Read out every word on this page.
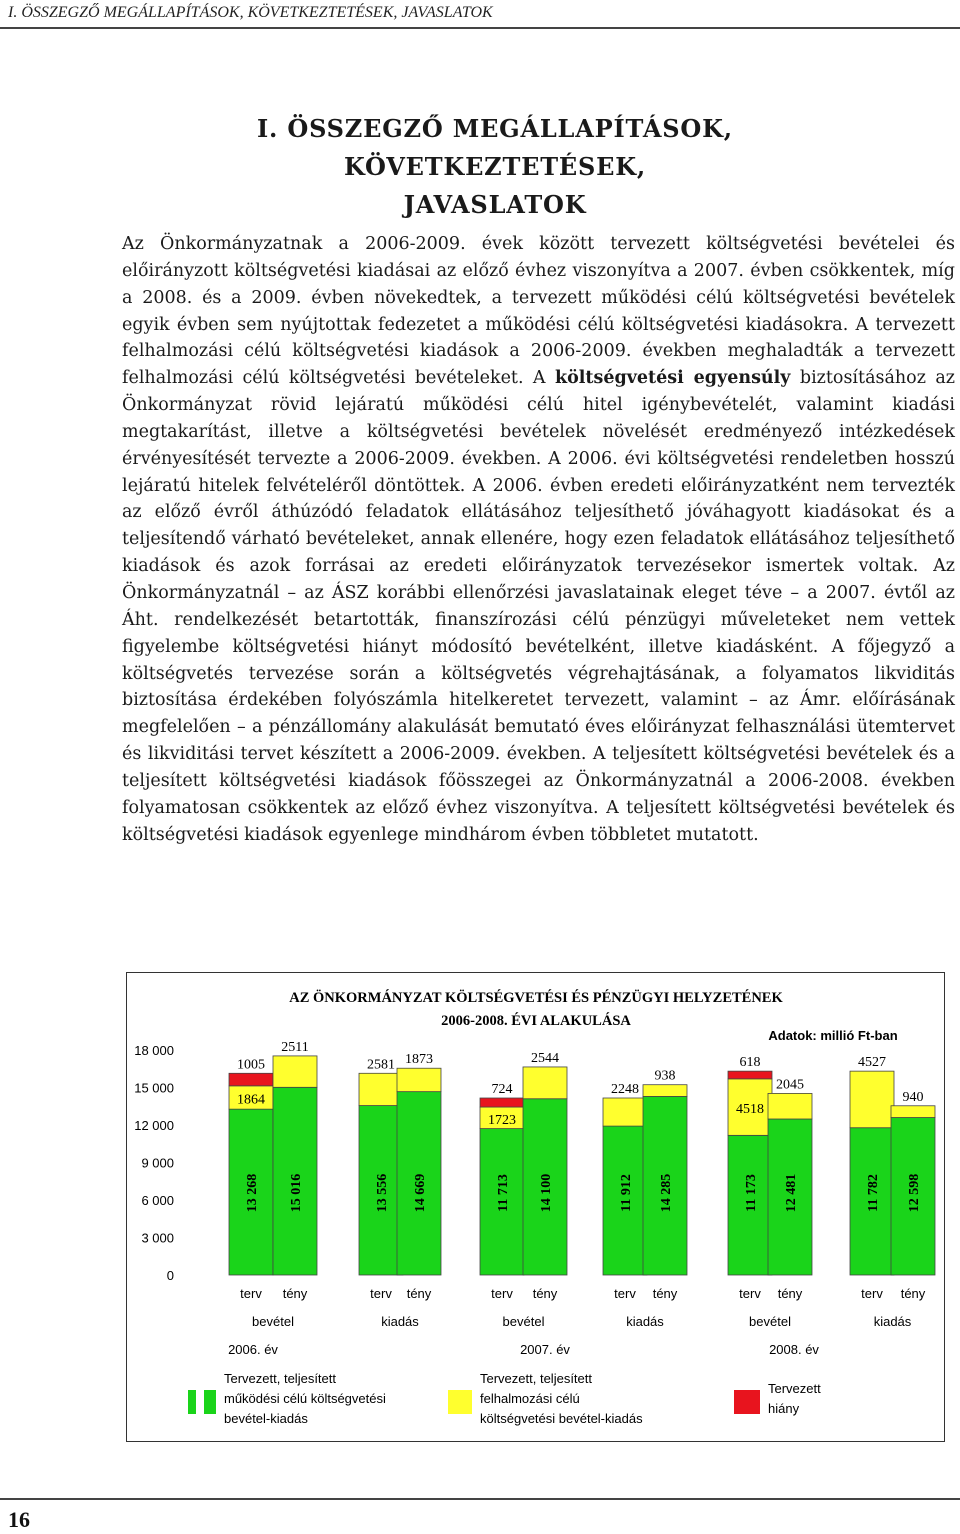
I. ÖSSZEGZŐ MEGÁLLAPÍTÁSOK, KÖVETKEZTETÉSEK, JAVASLATOK
I. ÖSSZEGZŐ MEGÁLLAPÍTÁSOK, KÖVETKEZTETÉSEK,
JAVASLATOK
Az Önkormányzatnak a 2006-2009. évek között tervezett költségvetési bevételei és előirányzott költségvetési kiadásai az előző évhez viszonyítva a 2007. évben csökkentek, míg a 2008. és a 2009. évben növekedtek, a tervezett működési célú költségvetési bevételek egyik évben sem nyújtottak fedezetet a működési célú költségvetési kiadásokra. A tervezett felhalmozási célú költségvetési kiadások a 2006-2009. években meghaladták a tervezett felhalmozási célú költségvetési bevételeket. A költségvetési egyensúly biztosításához az Önkormányzat rövid lejáratú működési célú hitel igénybevételét, valamint kiadási megtakarítást, illetve a költségvetési bevételek növelését eredményező intézkedések érvényesítését tervezte a 2006-2009. években. A 2006. évi költségvetési rendeletben hosszú lejáratú hitelek felvételéről döntöttek. A 2006. évben eredeti előirányzatként nem tervezték az előző évről áthúzódó feladatok ellátásához teljesíthető jóváhagyott kiadásokat és a teljesítendő várható bevételeket, annak ellenére, hogy ezen feladatok ellátásához teljesíthető kiadások és azok forrásai az eredeti előirányzatok tervezésekor ismertek voltak. Az Önkormányzatnál – az ÁSZ korábbi ellenőrzési javaslatainak eleget téve – a 2007. évtől az Áht. rendelkezését betartották, finanszírozási célú pénzügyi műveleteket nem vettek figyelembe költségvetési hiányt módosító bevételként, illetve kiadásként. A főjegyző a költségvetés tervezése során a költségvetés végrehajtásának, a folyamatos likviditás biztosítása érdekében folyószámla hitelkeretet tervezett, valamint – az Ámr. előírásának megfelelően – a pénzállomány alakulását bemutató éves előirányzat felhasználási ütemtervet és likviditási tervet készített a 2006-2009. években. A teljesített költségvetési bevételek és a teljesített költségvetési kiadások főösszegei az Önkormányzatnál a 2006-2008. években folyamatosan csökkentek az előző évhez viszonyítva. A teljesített költségvetési bevételek és költségvetési kiadások egyenlege mindhárom évben többletet mutatott.
AZ ÖNKORMÁNYZAT KÖLTSÉGVETÉSI ÉS PÉNZÜGYI HELYZETÉNEK
2006-2008. ÉVI ALAKULÁSA
Adatok: millió Ft-ban
0
3 000
6 000
9 000
12 000
15 000
18 000
1005
1864
13 268
terv
2511
15 016
tény
2581
13 556
terv
1873
14 669
tény
724
1723
11 713
terv
2544
14 100
tény
2248
11 912
terv
938
14 285
tény
618
4518
11 173
terv
2045
12 481
tény
4527
11 782
terv
940
12 598
tény
bevétel	kiadás	bevétel	kiadás	bevétel	kiadás
2006. év	2007. év	2008. év
Tervezett, teljesített
működési célú költségvetési
bevétel-kiadás
Tervezett, teljesített
felhalmozási célú
költségvetési bevétel-kiadás
Tervezett
hiány
16
